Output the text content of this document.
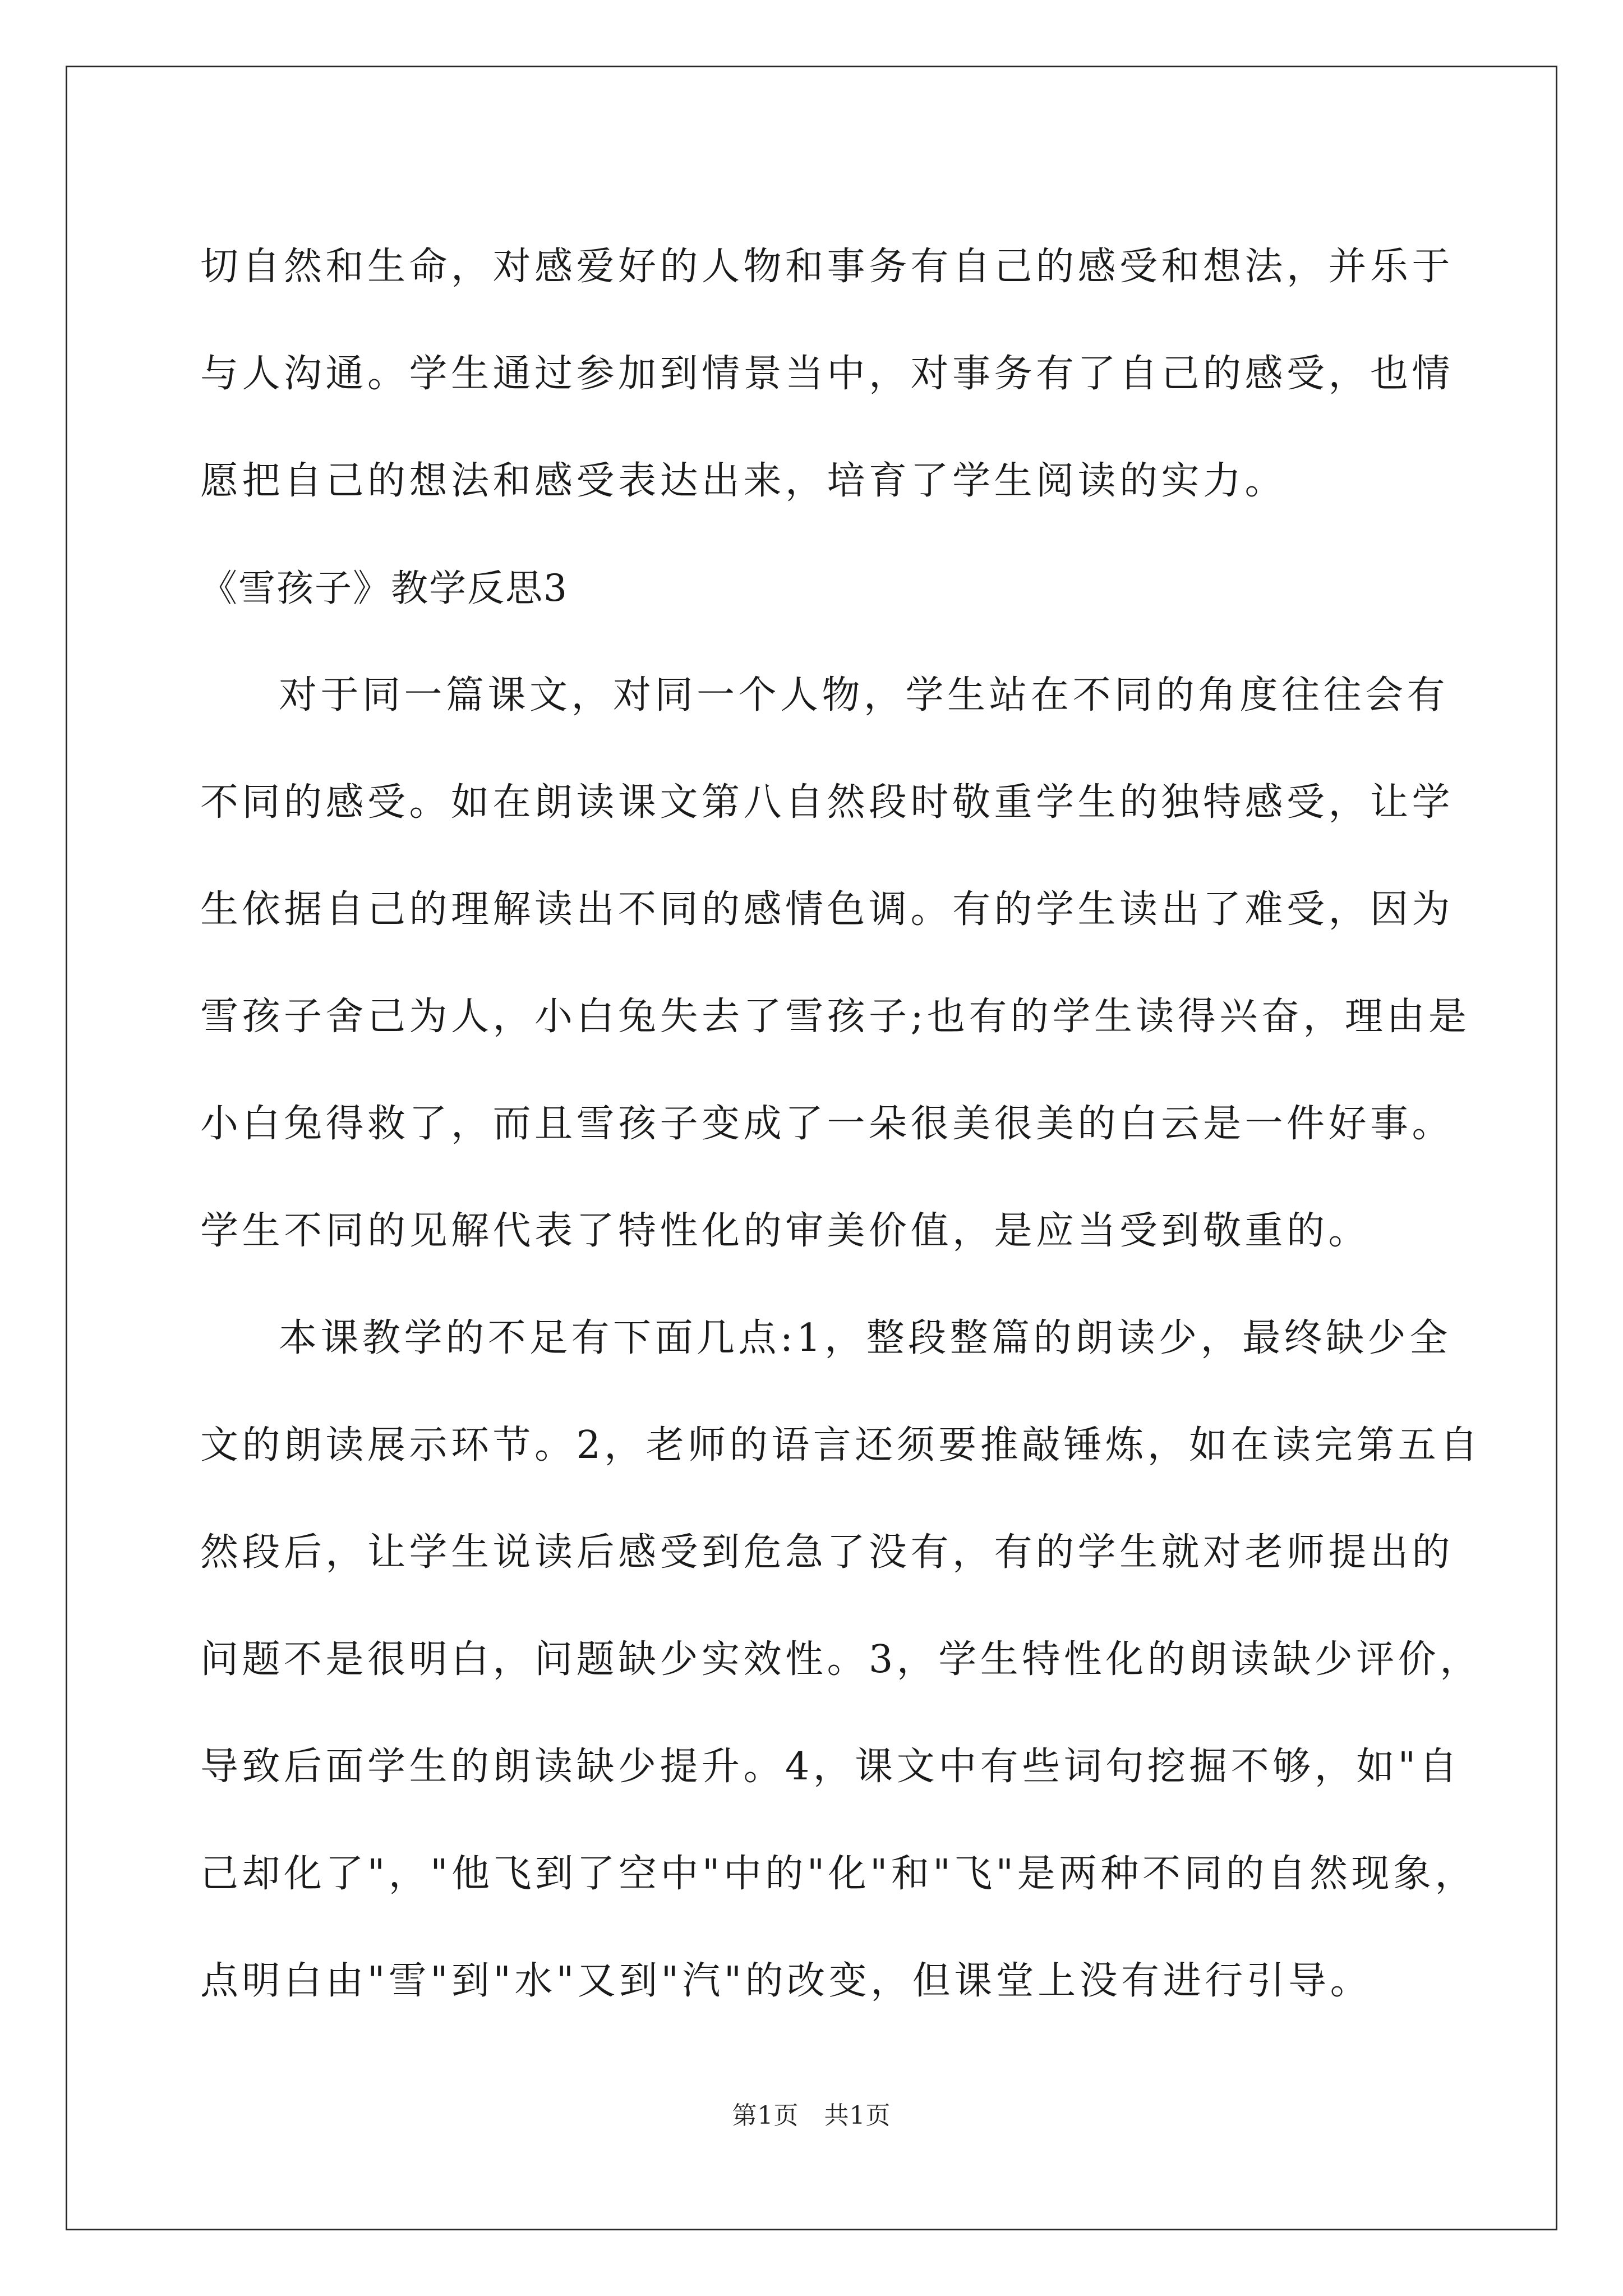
切自然和生命，对感爱好的人物和事务有自己的感受和想法，并乐于
与人沟通。学生通过参加到情景当中，对事务有了自己的感受，也情
愿把自己的想法和感受表达出来，培育了学生阅读的实力。
《雪孩子》教学反思3
对于同一篇课文，对同一个人物，学生站在不同的角度往往会有
不同的感受。如在朗读课文第八自然段时敬重学生的独特感受，让学
生依据自己的理解读出不同的感情色调。有的学生读出了难受，因为
雪孩子舍己为人，小白兔失去了雪孩子;也有的学生读得兴奋，理由是
小白兔得救了，而且雪孩子变成了一朵很美很美的白云是一件好事。
学生不同的见解代表了特性化的审美价值，是应当受到敬重的。
本课教学的不足有下面几点:1，整段整篇的朗读少，最终缺少全
文的朗读展示环节。2，老师的语言还须要推敲锤炼，如在读完第五自
然段后，让学生说读后感受到危急了没有，有的学生就对老师提出的
问题不是很明白，问题缺少实效性。3，学生特性化的朗读缺少评价，
导致后面学生的朗读缺少提升。4，课文中有些词句挖掘不够，如"自
己却化了"，"他飞到了空中"中的"化"和"飞"是两种不同的自然现象，
点明白由"雪"到"水"又到"汽"的改变，但课堂上没有进行引导。
第1页　共1页
